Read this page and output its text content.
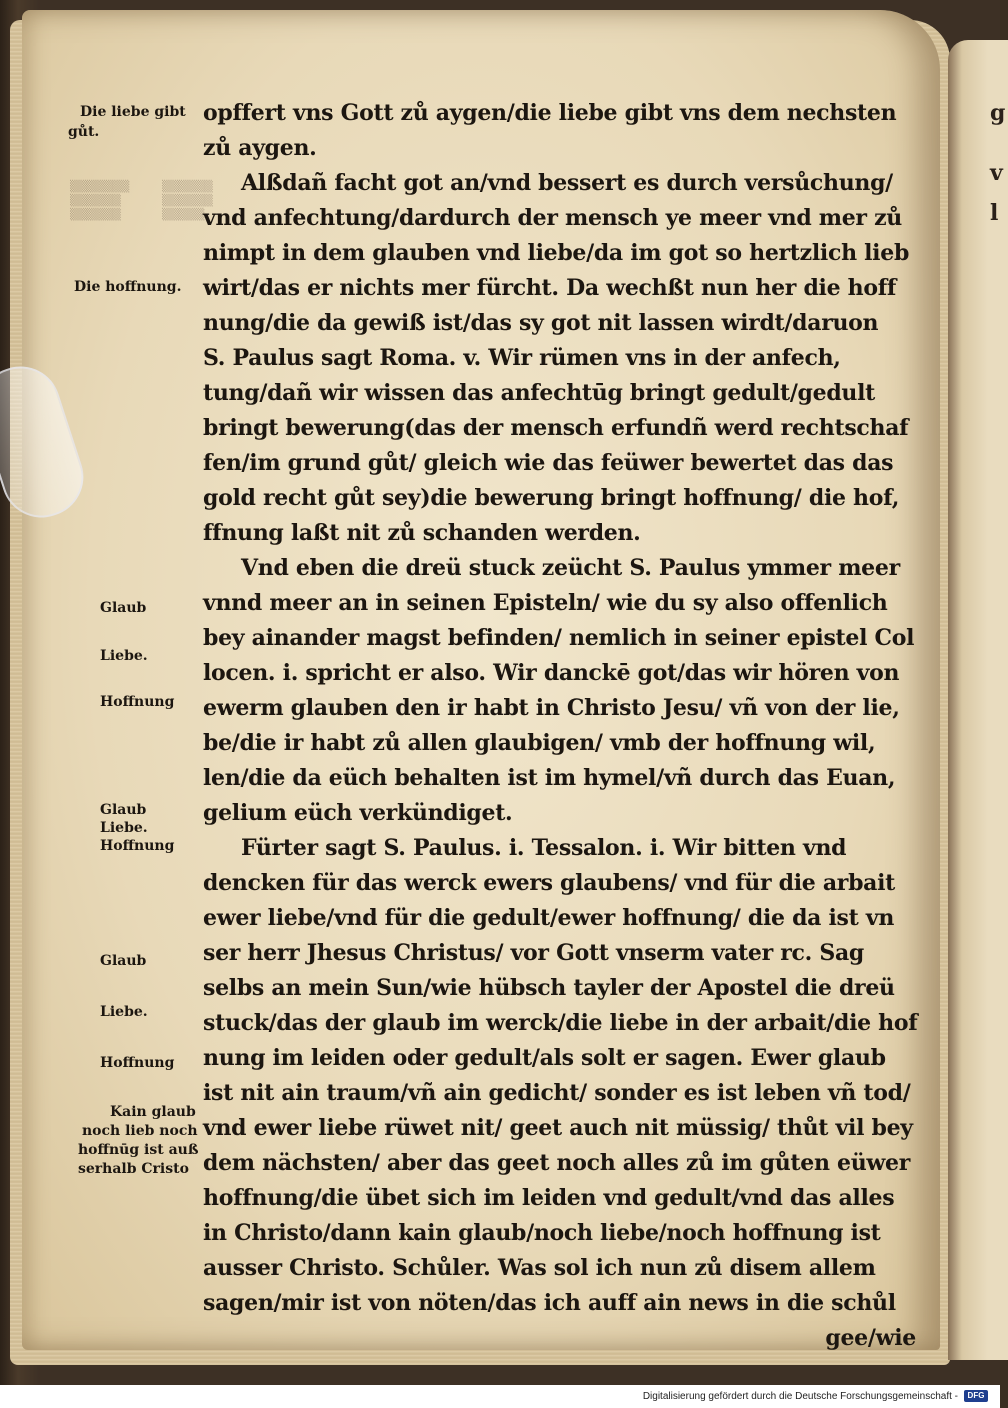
▒▒▒▒▒▒▒
▒▒▒▒▒▒
▒▒▒▒▒▒
▒▒▒▒▒▒
▒▒▒▒▒▒
▒▒▒▒▒
Die liebe gibt
gůt.
Die hoffnung.
Glaub
Liebe.
Hoffnung
Glaub
Liebe.
Hoffnung
Glaub
Liebe.
Hoffnung
Kain glaub
noch lieb noch
hoffnūg ist auß
serhalb Cristo
opffert vns Gott zů aygen/die liebe gibt vns dem nechsten
zů aygen.
Alßdañ facht got an/vnd bessert es durch versůchung/
vnd anfechtung/dardurch der mensch ye meer vnd mer zů
nimpt in dem glauben vnd liebe/da im got so hertzlich lieb
wirt/das er nichts mer fürcht. Da wechßt nun her die hoff
nung/die da gewiß ist/das sy got nit lassen wirdt/daruon
S. Paulus sagt Roma. v. Wir rümen vns in der anfech,
tung/dañ wir wissen das anfechtūg bringt gedult/gedult
bringt bewerung(das der mensch erfundñ werd rechtschaf
fen/im grund gůt/ gleich wie das feüwer bewertet das das
gold recht gůt sey)die bewerung bringt hoffnung/ die hof,
ffnung laßt nit zů schanden werden.
Vnd eben die dreü stuck zeücht S. Paulus ymmer meer
vnnd meer an in seinen Episteln/ wie du sy also offenlich
bey ainander magst befinden/ nemlich in seiner epistel Col
locen. i. spricht er also. Wir danckē got/das wir hören von
ewerm glauben den ir habt in Christo Jesu/ vñ von der lie,
be/die ir habt zů allen glaubigen/ vmb der hoffnung wil,
len/die da eüch behalten ist im hymel/vñ durch das Euan,
gelium eüch verkündiget.
Fürter sagt S. Paulus. i. Tessalon. i. Wir bitten vnd
dencken für das werck ewers glaubens/ vnd für die arbait
ewer liebe/vnd für die gedult/ewer hoffnung/ die da ist vn
ser herr Jhesus Christus/ vor Gott vnserm vater rc. Sag
selbs an mein Sun/wie hübsch tayler der Apostel die dreü
stuck/das der glaub im werck/die liebe in der arbait/die hof
nung im leiden oder gedult/als solt er sagen. Ewer glaub
ist nit ain traum/vñ ain gedicht/ sonder es ist leben vñ tod/
vnd ewer liebe rüwet nit/ geet auch nit müssig/ thůt vil bey
dem nächsten/ aber das geet noch alles zů im gůten eüwer
hoffnung/die übet sich im leiden vnd gedult/vnd das alles
in Christo/dann kain glaub/noch liebe/noch hoffnung ist
ausser Christo. Schůler. Was sol ich nun zů disem allem
sagen/mir ist von nöten/das ich auff ain news in die schůl
gee/wie
g
v
l
Digitalisierung gefördert durch die Deutsche Forschungsgemeinschaft -	DFG
